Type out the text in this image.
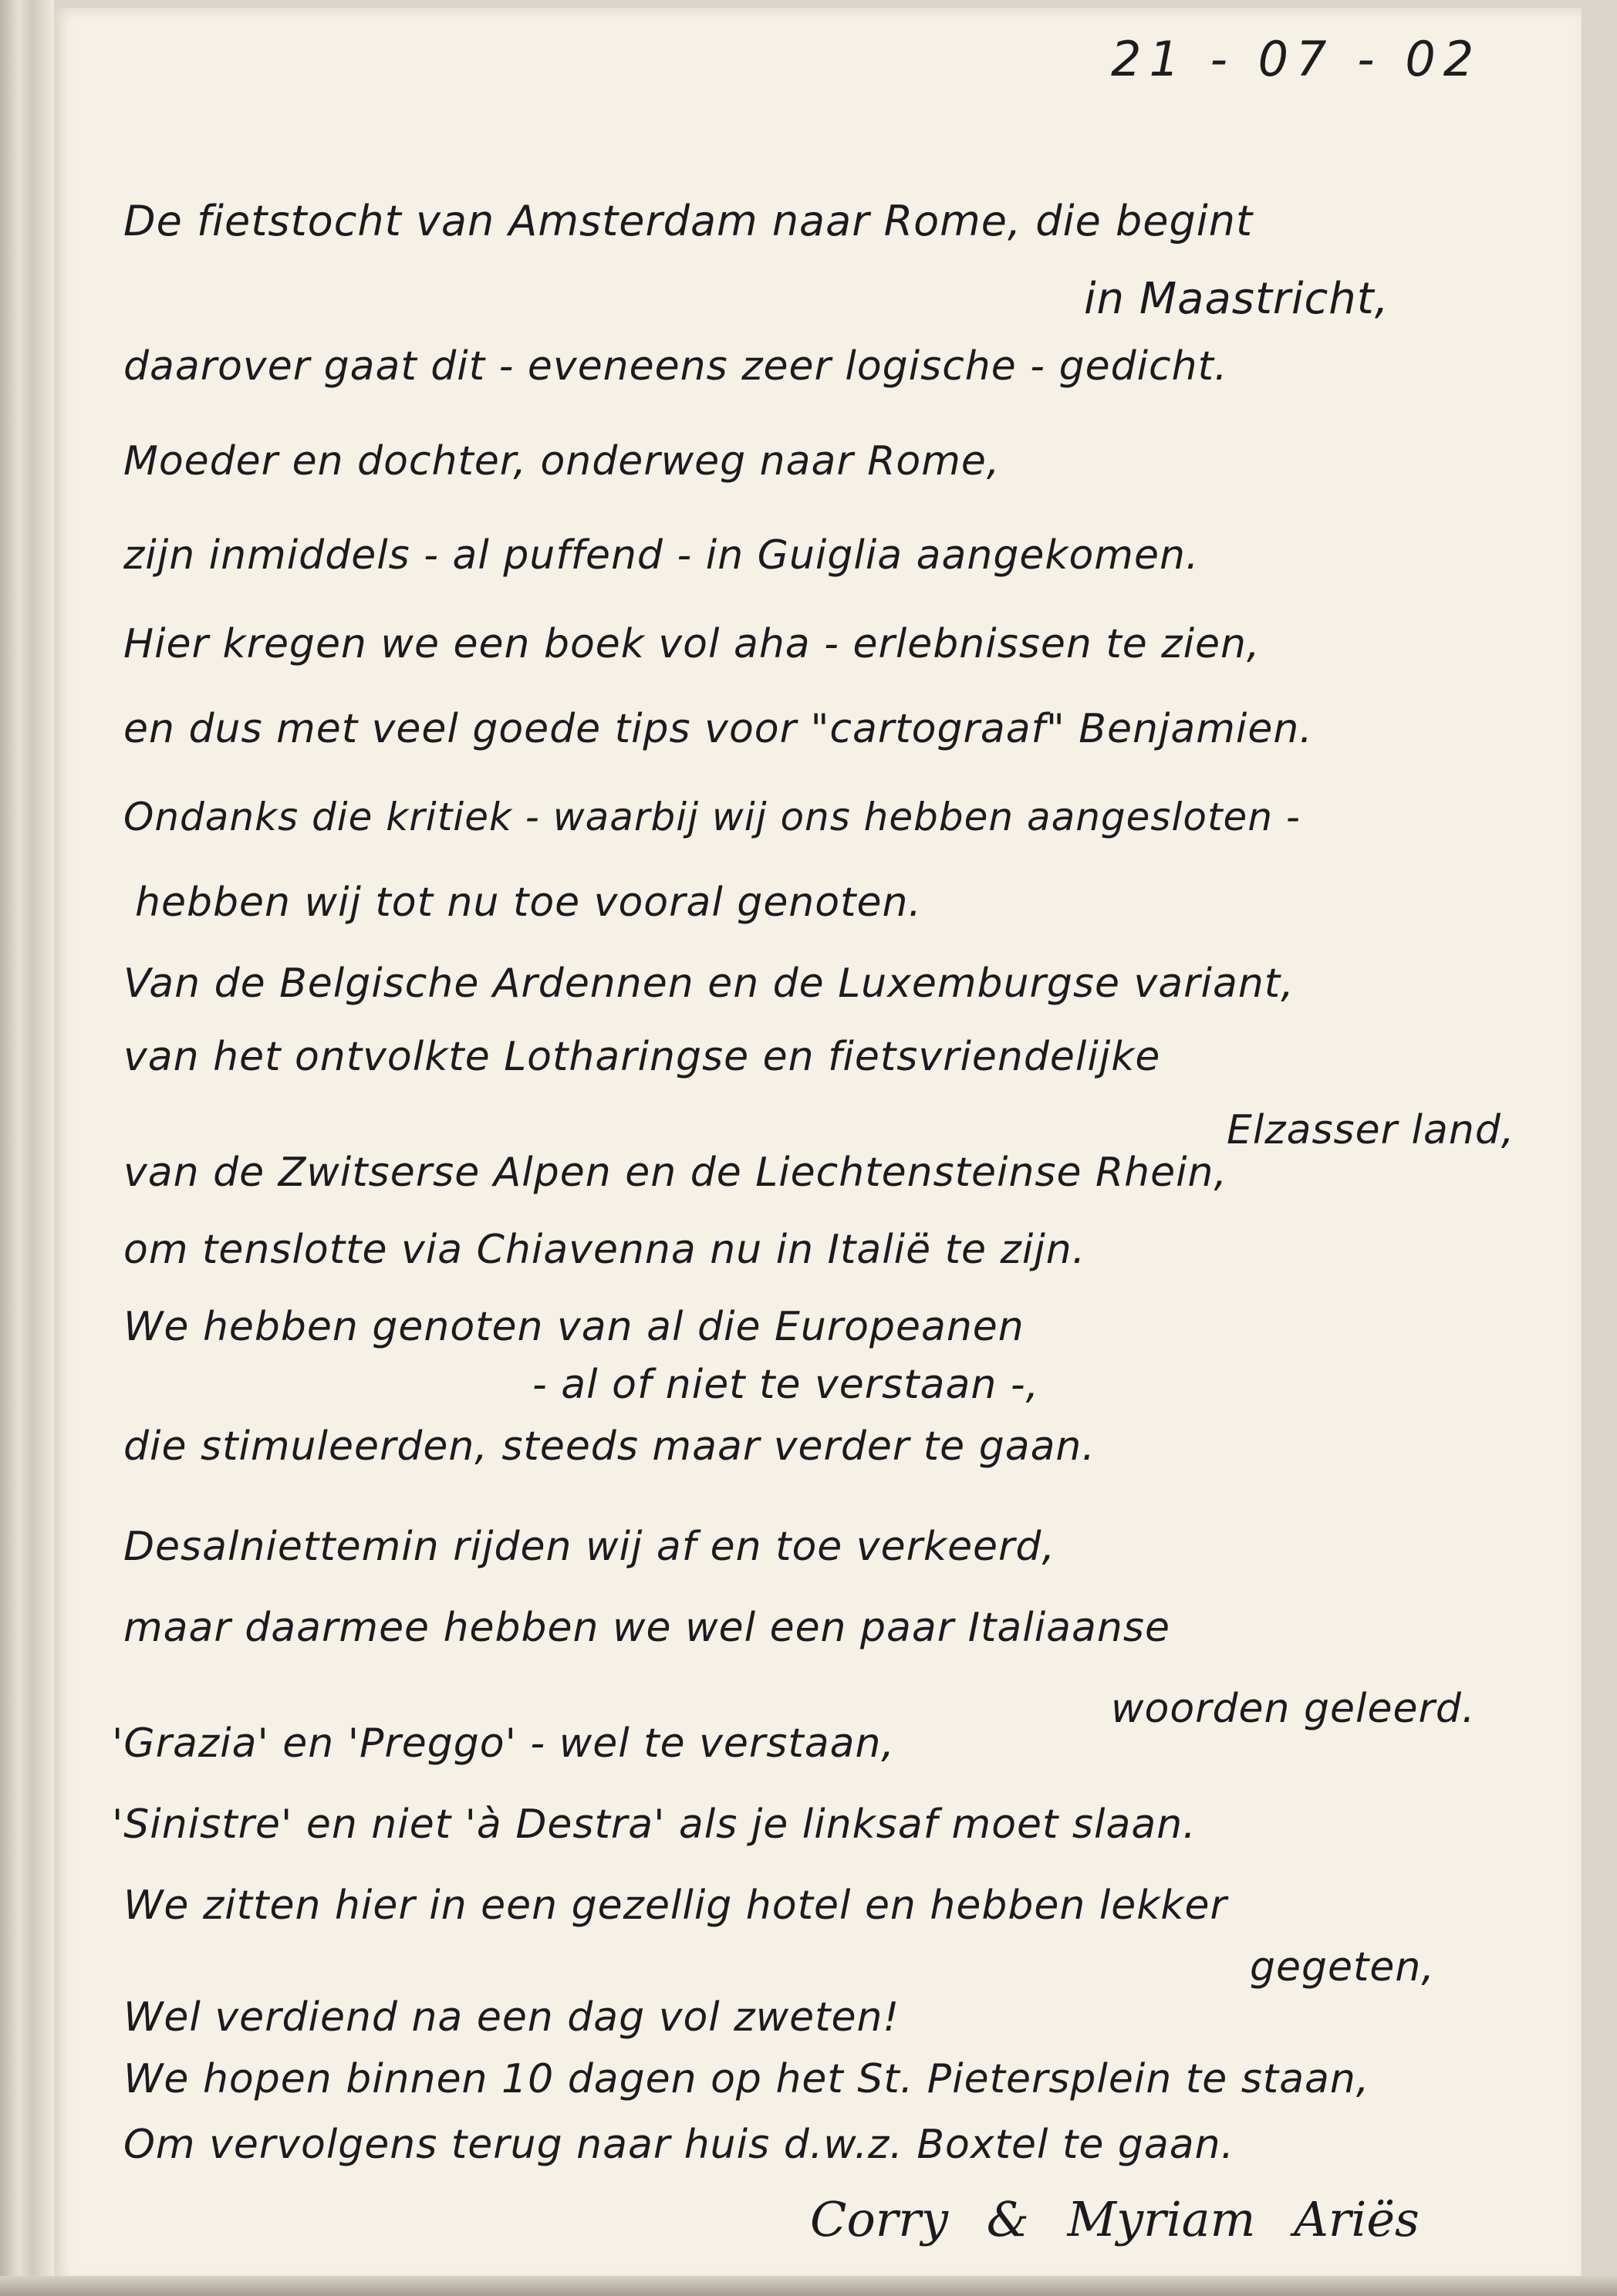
21 - 07 - 02
De fietstocht van Amsterdam naar Rome, die begint
in Maastricht,
daarover gaat dit - eveneens zeer logische - gedicht.
Moeder en dochter, onderweg naar Rome,
zijn inmiddels - al puffend - in Guiglia aangekomen.
Hier kregen we een boek vol aha - erlebnissen te zien,
en dus met veel goede tips voor "cartograaf" Benjamien.
Ondanks die kritiek - waarbij wij ons hebben aangesloten -
hebben wij tot nu toe vooral genoten.
Van de Belgische Ardennen en de Luxemburgse variant,
van het ontvolkte Lotharingse en fietsvriendelijke
Elzasser land,
van de Zwitserse Alpen en de Liechtensteinse Rhein,
om tenslotte via Chiavenna nu in Italië te zijn.
We hebben genoten van al die Europeanen
- al of niet te verstaan -,
die stimuleerden, steeds maar verder te gaan.
Desalniettemin rijden wij af en toe verkeerd,
maar daarmee hebben we wel een paar Italiaanse
woorden geleerd.
'Grazia' en 'Preggo' - wel te verstaan,
'Sinistre' en niet 'à Destra' als je linksaf moet slaan.
We zitten hier in een gezellig hotel en hebben lekker
gegeten,
Wel verdiend na een dag vol zweten!
We hopen binnen 10 dagen op het St. Pietersplein te staan,
Om vervolgens terug naar huis d.w.z. Boxtel te gaan.
Corry & Myriam Ariës
